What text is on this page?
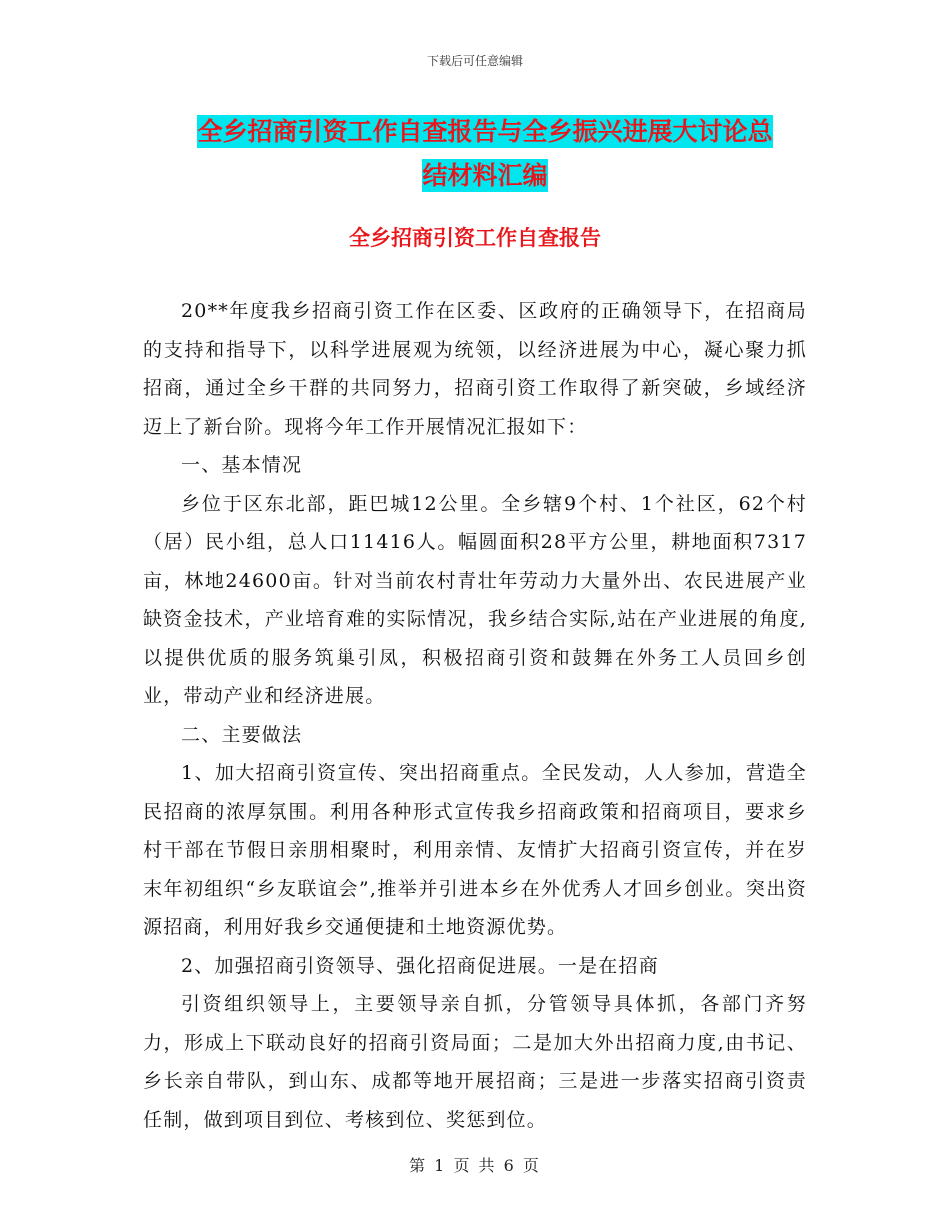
下载后可任意编辑
全乡招商引资工作自查报告与全乡振兴进展大讨论总
结材料汇编
全乡招商引资工作自查报告

20**年度我乡招商引资工作在区委、区政府的正确领导下，在招商局的支持和指导下，以科学进展观为统领，以经济进展为中心，凝心聚力抓招商，通过全乡干群的共同努力，招商引资工作取得了新突破，乡域经济迈上了新台阶。现将今年工作开展情况汇报如下：

一、基本情况

乡位于区东北部，距巴城12公里。全乡辖9个村、1个社区，62个村（居）民小组，总人口11416人。幅圆面积28平方公里，耕地面积7317亩，林地24600亩。针对当前农村青壮年劳动力大量外出、农民进展产业缺资金技术，产业培育难的实际情况，我乡结合实际,站在产业进展的角度,以提供优质的服务筑巢引凤，积极招商引资和鼓舞在外务工人员回乡创业，带动产业和经济进展。

二、主要做法

1、加大招商引资宣传、突出招商重点。全民发动，人人参加，营造全民招商的浓厚氛围。利用各种形式宣传我乡招商政策和招商项目，要求乡村干部在节假日亲朋相聚时，利用亲情、友情扩大招商引资宣传，并在岁末年初组织“乡友联谊会”,推举并引进本乡在外优秀人才回乡创业。突出资源招商，利用好我乡交通便捷和土地资源优势。

2、加强招商引资领导、强化招商促进展。一是在招商

引资组织领导上，主要领导亲自抓，分管领导具体抓，各部门齐努力，形成上下联动良好的招商引资局面；二是加大外出招商力度,由书记、乡长亲自带队，到山东、成都等地开展招商；三是进一步落实招商引资责任制，做到项目到位、考核到位、奖惩到位。

第 1 页 共 6 页
